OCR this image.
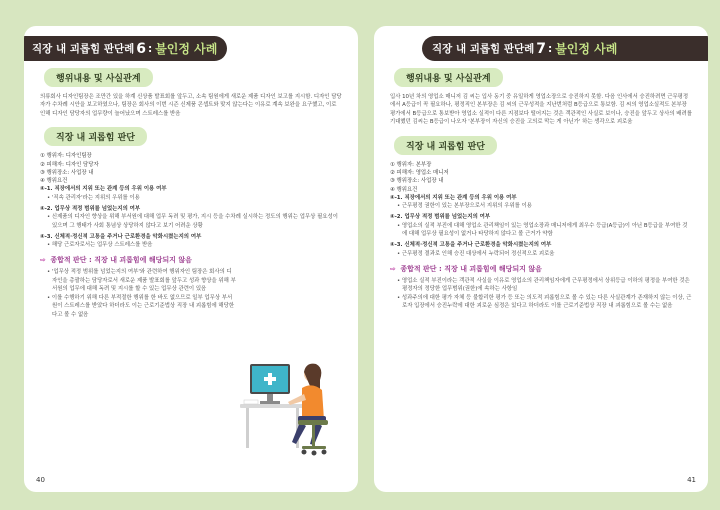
직장 내 괴롭힘 판단례 6 : 불인정 사례
행위내용 및 사실관계

의류회사 디자인팀장은 조만간 있을 하계 신상품 발표회를 앞두고, 소속 팀원에게 새로운 제품 디자인 보고를 지시함. 디자인 담당자가 수차례 시안을 보고하였으나, 팀장은 회사의 이번 시즌 신제품 콘셉트와 맞지 않는다는 이유로 계속 보완을 요구했고, 이로 인해 디자인 담당자의 업무량이 늘어났으며 스트레스를 받음

직장 내 괴롭힘 판단
① 행위자: 디자인팀장
② 피해자: 디자인 담당자
③ 행위장소: 사업장 내
④ 행위요건
④-1. 직장에서의 지위 또는 관계 등의 우위 이용 여부
• '직속 관리자'라는 지위의 우위를 이용
④-2. 업무상 적정 범위를 넘었는지의 여부
• 신제품의 디자인 향상을 위해 부서원에 대해 업무 독려 및 평가, 지시 등을 수차례 실시하는 정도의 행위는 업무상 필요성이 있으며 그 행태가 사회 통념상 상당하지 않다고 보기 어려운 상황
④-3. 신체적·정신적 고통을 주거나 근로환경을 악화시켰는지의 여부
• 해당 근로자로서는 업무상 스트레스를 받음
⇨ 종합적 판단 : 직장 내 괴롭힘에 해당되지 않음
• '업무상 적정 범위를 넘었는지의 여부'와 관련하여 행위자인 팀장은 회사의 디자인을 총괄하는 담당자로서 새로운 제품 발표회를 앞두고 성과 향상을 위해 부서원의 업무에 대해 독려 및 지시를 할 수 있는 업무상 관련이 있음
• 이를 수행하기 위해 다른 부적절한 행위를 한 바도 없으므로 일부 업무상 부서원이 스트레스를 받았다 하더라도 이는 근로기준법상 직장 내 괴롭힘에 해당한다고 볼 수 없음
40
직장 내 괴롭힘 판단례 7 : 불인정 사례
행위내용 및 사실관계

입사 10년 차의 영업소 매니저 김 씨는 입사 동기 중 유일하게 영업소장으로 승진하지 못함. 다음 인사에서 승진하려면 근무평정에서 A등급이 꼭 필요하나, 평정직인 본부장은 김 씨의 근무성적을 지난번처럼 B등급으로 통보함. 김 씨의 영업소실적도 본부장 평가에서 B등급으로 통보받아 영업소 실적이 다른 지점보다 떨어지는 것은 객관적인 사실로 보이나, 승진을 앞두고 상사의 배려를 기대했던 김씨는 B등급이 나오자 '본부장이 자신의 승진을 고의로 막는 게 아닌가' 하는 생각으로 괴로움

직장 내 괴롭힘 판단
① 행위자: 본부장
② 피해자: 영업소 매니저
③ 행위장소: 사업장 내
④ 행위요건
④-1. 직장에서의 지위 또는 관계 등의 우위 이용 여부
• 근무평정 권한이 있는 본부장으로서 지위의 우위를 이용
④-2. 업무상 적정 범위를 넘었는지의 여부
• 영업소의 실적 부진에 대해 영업소 관리책임이 있는 영업소장과 매니저에게 최우수 등급(A등급)이 아닌 B등급을 부여한 것에 대해 업무상 필요성이 없거나 타당하지 않다고 볼 근거가 약함
④-3. 신체적·정신적 고통을 주거나 근로환경을 악화시켰는지의 여부
• 근무평정 결과로 인해 승진 대상에서 누락되어 정신적으로 괴로움
⇨ 종합적 판단 : 직장 내 괴롭힘에 해당되지 않음
• 영업소 실적 부진이라는 객관적 사실을 이유로 영업소의 관리책임자에게 근무평정에서 상위등급 이하의 평정을 부여한 것은 평정자의 정당한 업무범위(권한)에 속하는 사항임
• 성과주의에 대한 평가 자체 등 불합리한 평가 등 또는 의도적 괴롭힘으로 볼 수 있는 다른 사실관계가 존재하지 않는 이상, 근로자 입장에서 승진누락에 대한 괴로운 심정은 있다고 하더라도 이를 근로기준법상 직장 내 괴롭힘으로 볼 수는 없음
41
